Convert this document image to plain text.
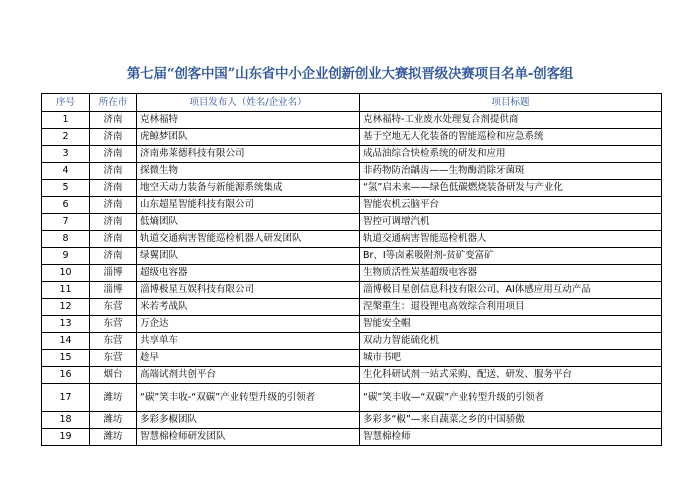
第七届“创客中国”山东省中小企业创新创业大赛拟晋级决赛项目名单-创客组
序号	所在市	项目发布人（姓名/企业名）	项目标题
1	济南	克林福特	克林福特-工业废水处理复合剂提供商
2	济南	虎鲸梦团队	基于空地无人化装备的智能巡检和应急系统
3	济南	济南弗莱德科技有限公司	成品油综合快检系统的研发和应用
4	济南	探微生物	非药物防治龋齿——生物酶消除牙菌斑
5	济南	地空天动力装备与新能源系统集成	“氢”启未来——绿色低碳燃烧装备研发与产业化
6	济南	山东超星智能科技有限公司	智能农机云脑平台
7	济南	低熵团队	智控可调增汽机
8	济南	轨道交通病害智能巡检机器人研发团队	轨道交通病害智能巡检机器人
9	济南	绿翼团队	Br、I等卤素吸附剂-贫矿变富矿
10	淄博	超级电容器	生物质活性炭基超级电容器
11	淄博	淄博极星互娱科技有限公司	淄博极目星创信息科技有限公司、AI体感应用互动产品
12	东营	米若考战队	涅槃重生：退役锂电高效综合利用项目
13	东营	万企达	智能安全帽
14	东营	共享单车	双动力智能硫化机
15	东营	趁早	城市书吧
16	烟台	高端试剂共创平台	生化科研试剂一站式采购、配送、研发、服务平台
17	潍坊	“碳”笑丰收-“双碳”产业转型升级的引领者	“碳”笑丰收—“双碳”产业转型升级的引领者
18	潍坊	多彩多椒团队	多彩多“椒”—来自蔬菜之乡的中国骄傲
19	潍坊	智慧棉检师研发团队	智慧棉检师
